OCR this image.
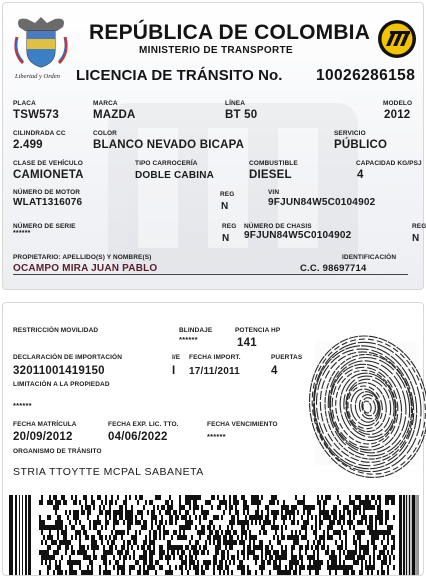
Libertad y Orden
REPÚBLICA DE COLOMBIA
MINISTERIO DE TRANSPORTE
LICENCIA DE TRÁNSITO No. 10026286158
PLACA
TSW573
MARCA
MAZDA
LÍNEA
BT 50
MODELO
2012
CILINDRADA CC
2.499
COLOR
BLANCO NEVADO BICAPA
SERVICIO
PÚBLICO
CLASE DE VEHÍCULO
CAMIONETA
TIPO CARROCERÍA
DOBLE CABINA
COMBUSTIBLE
DIESEL
CAPACIDAD KG/PSJ
4
NÚMERO DE MOTOR
WLAT1316076
REG
N
VIN
9FJUN84W5C0104902
NÚMERO DE SERIE
******
REG
N
NÚMERO DE CHASIS
9FJUN84W5C0104902
REG
N
PROPIETARIO: APELLIDO(S) Y NOMBRE(S)
OCAMPO MIRA JUAN PABLO
IDENTIFICACIÓN
C.C. 98697714
RESTRICCIÓN MOVILIDAD	BLINDAJE
******
POTENCIA HP
141
DECLARACIÓN DE IMPORTACIÓN
32011001419150
I/E
I
FECHA IMPORT.
17/11/2011
PUERTAS
4
LIMITACIÓN A LA PROPIEDAD
******
FECHA MATRÍCULA
20/09/2012
FECHA EXP. LIC. TTO.
04/06/2022
FECHA VENCIMIENTO
******
ORGANISMO DE TRÁNSITO
STRIA TTOYTTE MCPAL SABANETA
